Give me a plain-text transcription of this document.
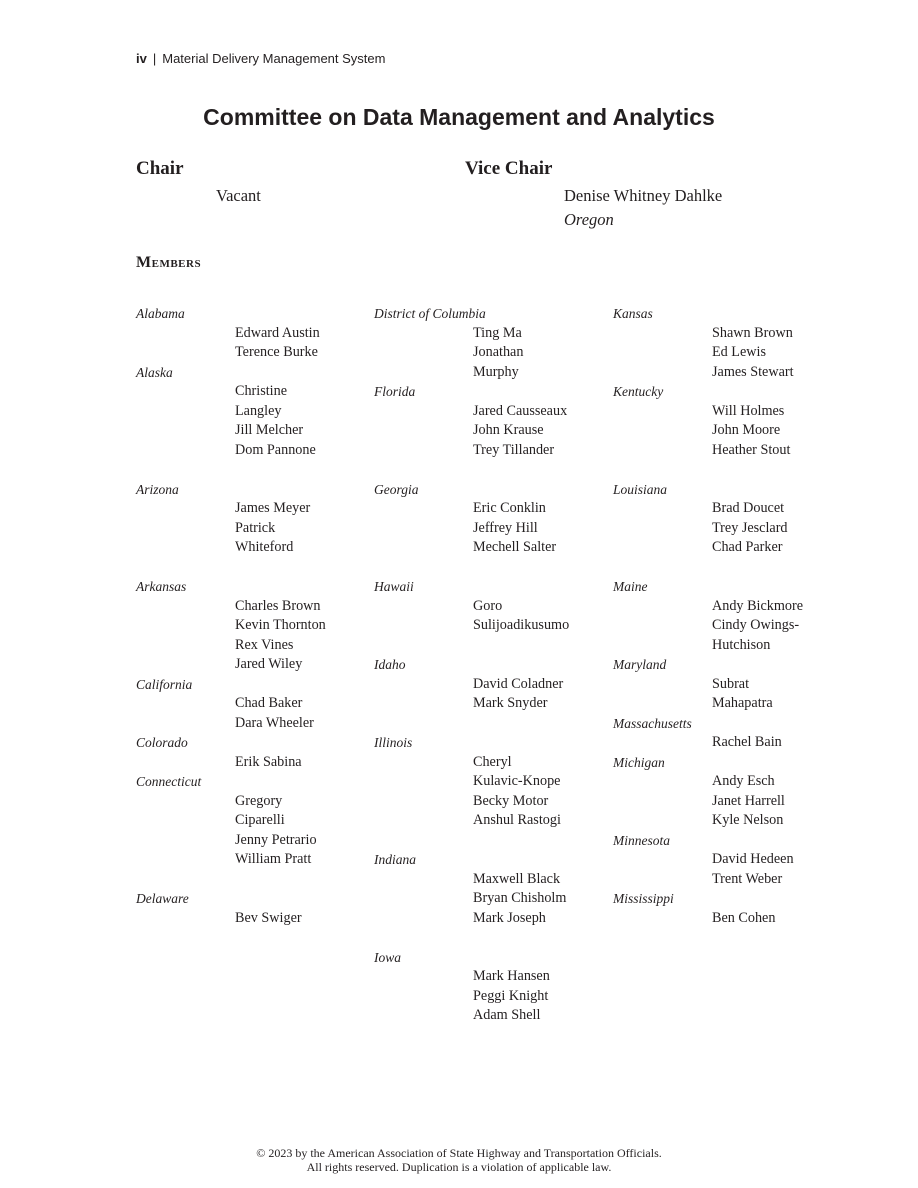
iv | Material Delivery Management System
Committee on Data Management and Analytics
Chair
Vacant
Vice Chair
Denise Whitney Dahlke
Oregon
Members
Alabama
Edward Austin
Terence Burke
Alaska
Christine
Langley
Jill Melcher
Dom Pannone
Arizona
James Meyer
Patrick
Whiteford
Arkansas
Charles Brown
Kevin Thornton
Rex Vines
Jared Wiley
California
Chad Baker
Dara Wheeler
Colorado
Erik Sabina
Connecticut
Gregory
Ciparelli
Jenny Petrario
William Pratt
Delaware
Bev Swiger
District of Columbia
Ting Ma
Jonathan
Murphy
Florida
Jared Causseaux
John Krause
Trey Tillander
Georgia
Eric Conklin
Jeffrey Hill
Mechell Salter
Hawaii
Goro
Sulijoadikusumo
Idaho
David Coladner
Mark Snyder
Illinois
Cheryl
Kulavic-Knope
Becky Motor
Anshul Rastogi
Indiana
Maxwell Black
Bryan Chisholm
Mark Joseph
Iowa
Mark Hansen
Peggi Knight
Adam Shell
Kansas
Shawn Brown
Ed Lewis
James Stewart
Kentucky
Will Holmes
John Moore
Heather Stout
Louisiana
Brad Doucet
Trey Jesclard
Chad Parker
Maine
Andy Bickmore
Cindy Owings-
Hutchison
Maryland
Subrat
Mahapatra
Massachusetts
Rachel Bain
Michigan
Andy Esch
Janet Harrell
Kyle Nelson
Minnesota
David Hedeen
Trent Weber
Mississippi
Ben Cohen
© 2023 by the American Association of State Highway and Transportation Officials.
All rights reserved. Duplication is a violation of applicable law.
